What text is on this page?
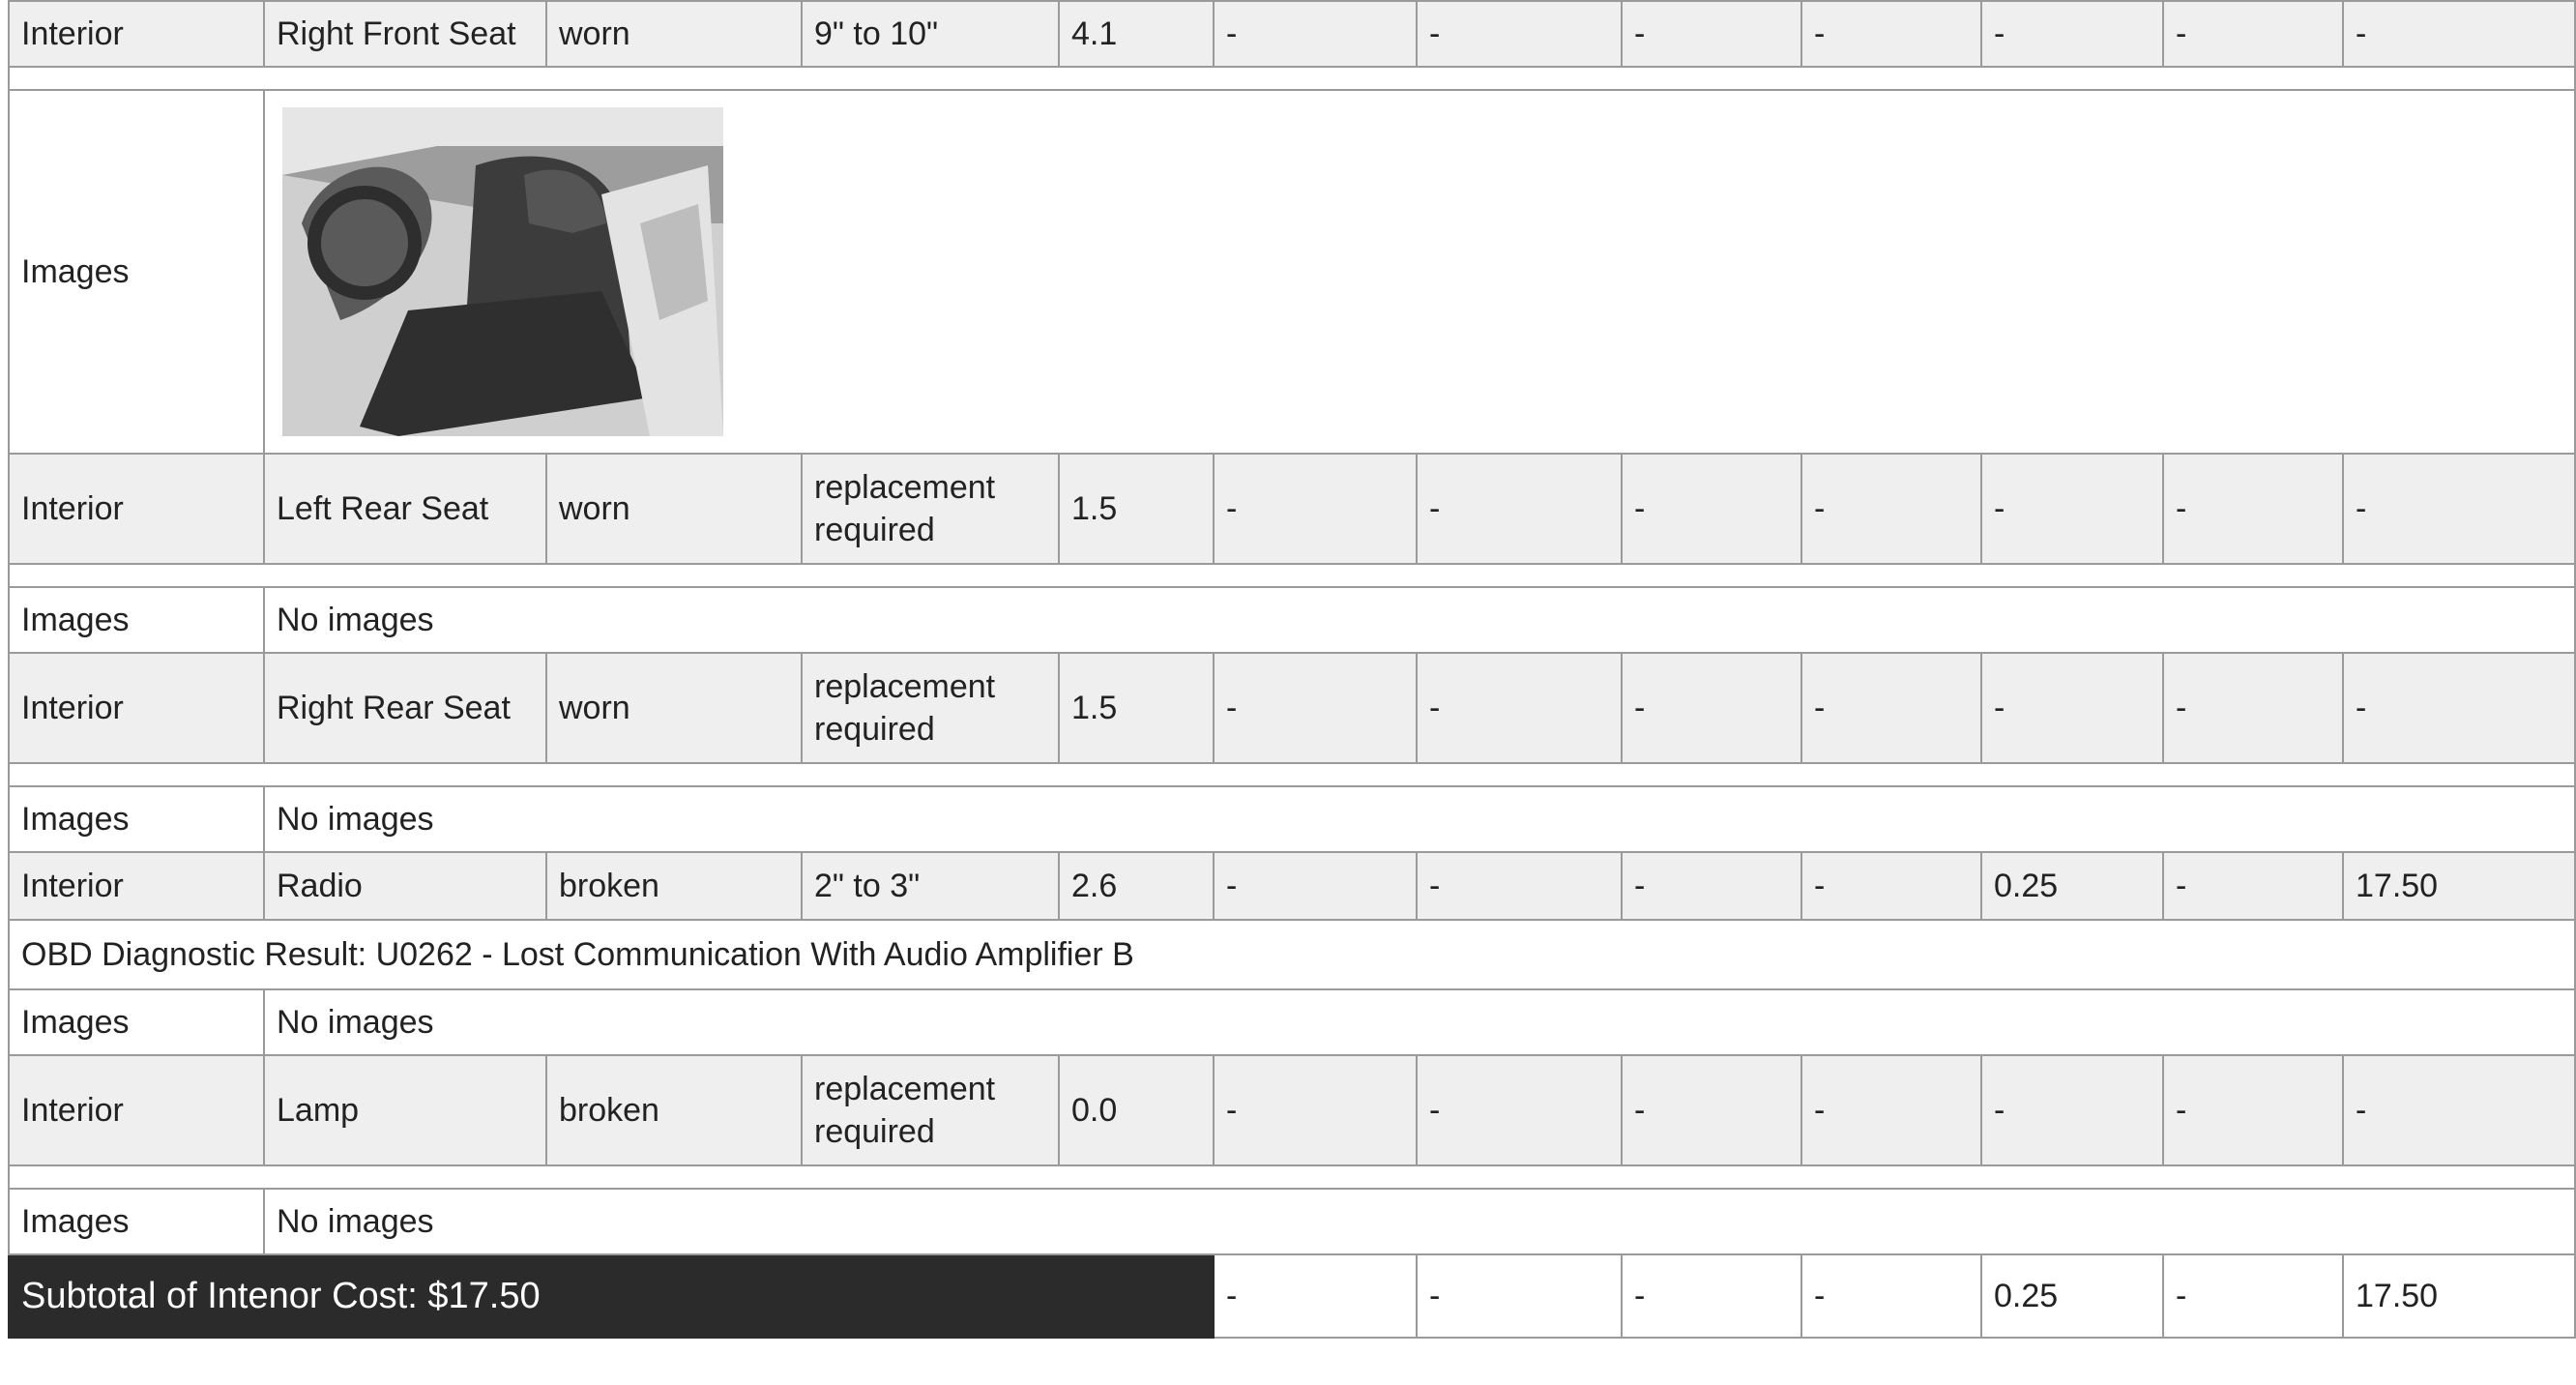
Interior	Right Front Seat	worn	9" to 10"	4.1	-	-	-	-	-	-	-

Images	

Interior	Left Rear Seat	worn	replacement required	1.5	-	-	-	-	-	-	-

Images	No images										
Interior	Right Rear Seat	worn	replacement required	1.5	-	-	-	-	-	-	-

Images	No images										
Interior	Radio	broken	2" to 3"	2.6	-	-	-	-	0.25	-	17.50
OBD Diagnostic Result: U0262 - Lost Communication With Audio Amplifier B											
Images	No images										
Interior	Lamp	broken	replacement required	0.0	-	-	-	-	-	-	-

Images	No images										
Subtotal of Intenor Cost: $17.50					-	-	-	-	0.25	-	17.50
